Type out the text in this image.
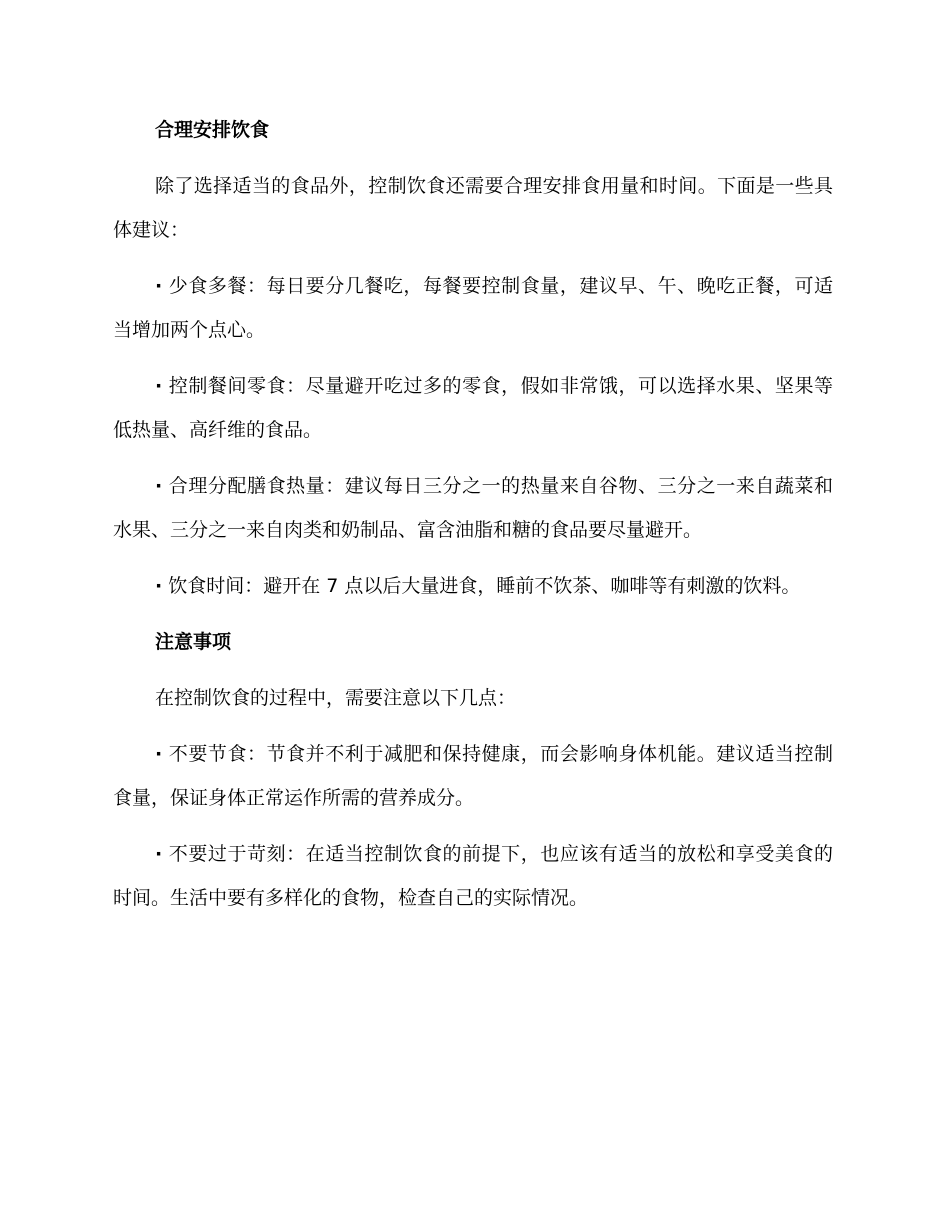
合理安排饮食

除了选择适当的食品外，控制饮食还需要合理安排食用量和时间。下面是一些具体建议：

· 少食多餐：每日要分几餐吃，每餐要控制食量，建议早、午、晚吃正餐，可适当增加两个点心。

· 控制餐间零食：尽量避开吃过多的零食，假如非常饿，可以选择水果、坚果等低热量、高纤维的食品。

· 合理分配膳食热量：建议每日三分之一的热量来自谷物、三分之一来自蔬菜和水果、三分之一来自肉类和奶制品、富含油脂和糖的食品要尽量避开。

· 饮食时间：避开在 7 点以后大量进食，睡前不饮茶、咖啡等有刺激的饮料。

注意事项

在控制饮食的过程中，需要注意以下几点：

· 不要节食：节食并不利于减肥和保持健康，而会影响身体机能。建议适当控制食量，保证身体正常运作所需的营养成分。

· 不要过于苛刻：在适当控制饮食的前提下，也应该有适当的放松和享受美食的时间。生活中要有多样化的食物，检查自己的实际情况。
